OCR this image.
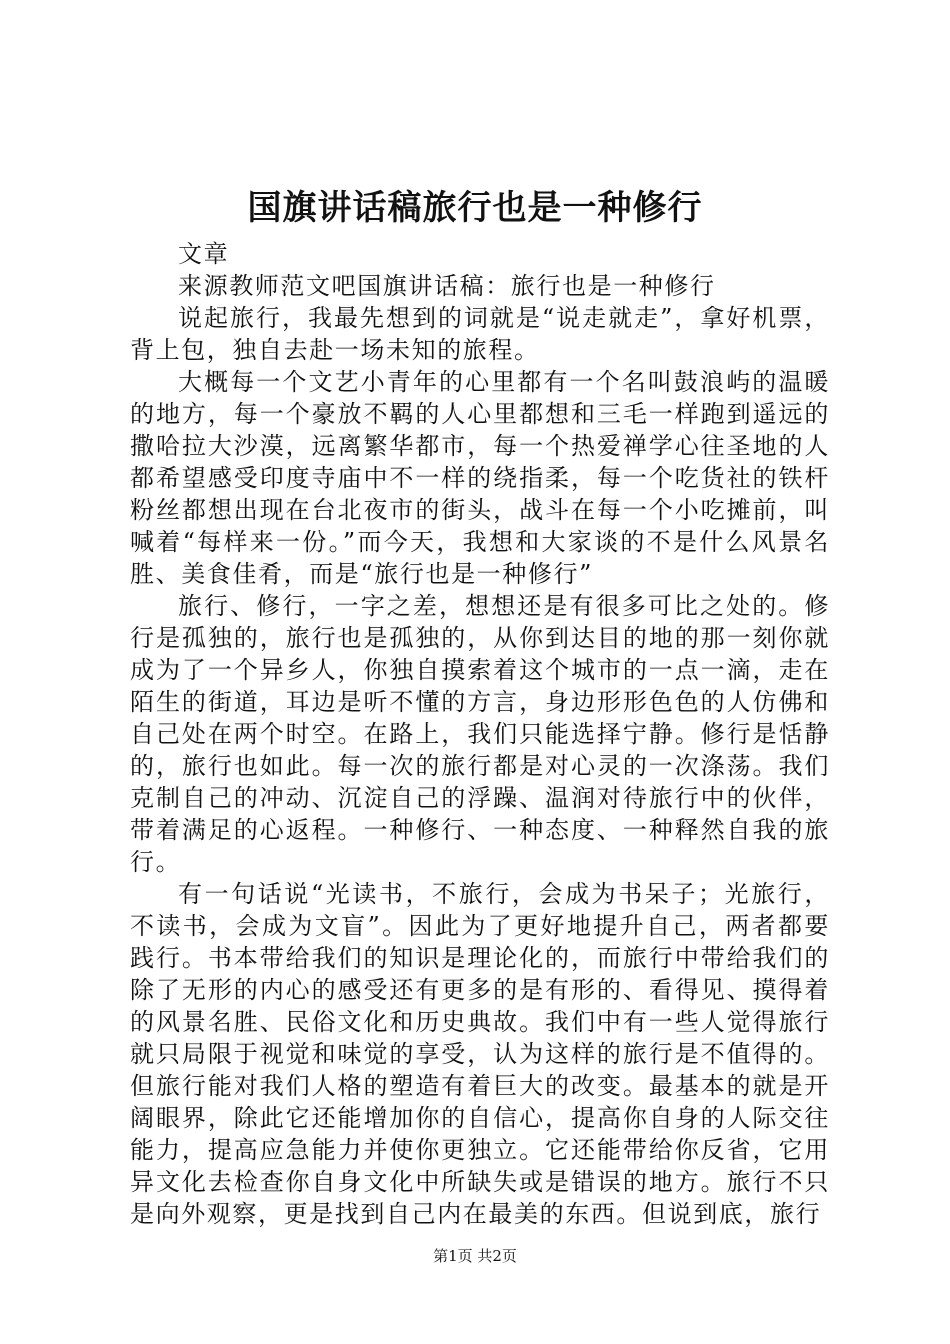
国旗讲话稿旅行也是一种修行

文章

来源教师范文吧国旗讲话稿：旅行也是一种修行

说起旅行，我最先想到的词就是“说走就走”，拿好机票，背上包，独自去赴一场未知的旅程。

大概每一个文艺小青年的心里都有一个名叫鼓浪屿的温暖的地方，每一个豪放不羁的人心里都想和三毛一样跑到遥远的撒哈拉大沙漠，远离繁华都市，每一个热爱禅学心往圣地的人都希望感受印度寺庙中不一样的绕指柔，每一个吃货社的铁杆粉丝都想出现在台北夜市的街头，战斗在每一个小吃摊前，叫喊着“每样来一份。”而今天，我想和大家谈的不是什么风景名胜、美食佳肴，而是“旅行也是一种修行”

旅行、修行，一字之差，想想还是有很多可比之处的。修行是孤独的，旅行也是孤独的，从你到达目的地的那一刻你就成为了一个异乡人，你独自摸索着这个城市的一点一滴，走在陌生的街道，耳边是听不懂的方言，身边形形色色的人仿佛和自己处在两个时空。在路上，我们只能选择宁静。修行是恬静的，旅行也如此。每一次的旅行都是对心灵的一次涤荡。我们克制自己的冲动、沉淀自己的浮躁、温润对待旅行中的伙伴，带着满足的心返程。一种修行、一种态度、一种释然自我的旅行。

有一句话说“光读书，不旅行，会成为书呆子；光旅行，不读书，会成为文盲”。因此为了更好地提升自己，两者都要践行。书本带给我们的知识是理论化的，而旅行中带给我们的除了无形的内心的感受还有更多的是有形的、看得见、摸得着的风景名胜、民俗文化和历史典故。我们中有一些人觉得旅行就只局限于视觉和味觉的享受，认为这样的旅行是不值得的。但旅行能对我们人格的塑造有着巨大的改变。最基本的就是开阔眼界，除此它还能增加你的自信心，提高你自身的人际交往能力，提高应急能力并使你更独立。它还能带给你反省，它用异文化去检查你自身文化中所缺失或是错误的地方。旅行不只是向外观察，更是找到自己内在最美的东西。但说到底，旅行

第1页 共2页
